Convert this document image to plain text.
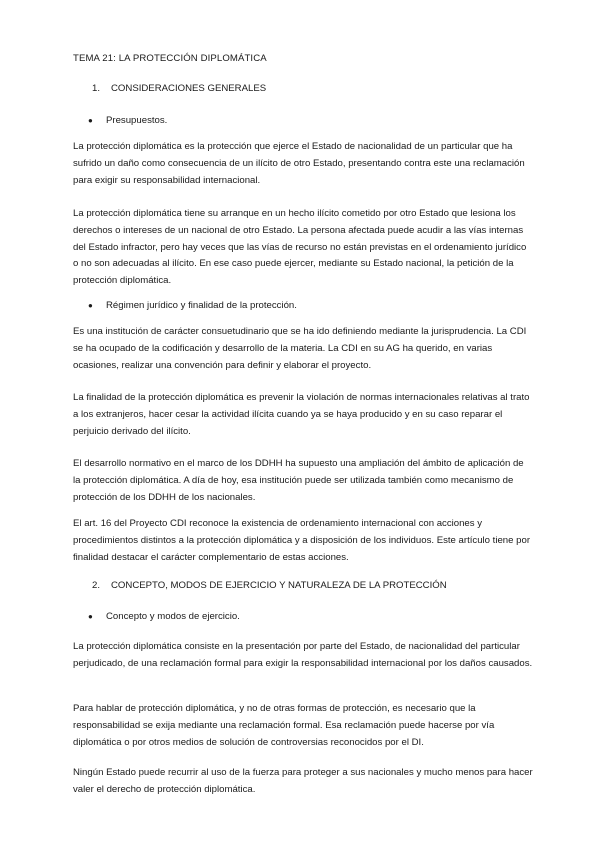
TEMA 21: LA PROTECCIÓN DIPLOMÁTICA
1. CONSIDERACIONES GENERALES
● Presupuestos.
La protección diplomática es la protección que ejerce el Estado de nacionalidad de un particular que ha sufrido un daño como consecuencia de un ilícito de otro Estado, presentando contra este una reclamación para exigir su responsabilidad internacional.
La protección diplomática tiene su arranque en un hecho ilícito cometido por otro Estado que lesiona los derechos o intereses de un nacional de otro Estado. La persona afectada puede acudir a las vías internas del Estado infractor, pero hay veces que las vías de recurso no están previstas en el ordenamiento jurídico o no son adecuadas al ilícito. En ese caso puede ejercer, mediante su Estado nacional, la petición de la protección diplomática.
● Régimen jurídico y finalidad de la protección.
Es una institución de carácter consuetudinario que se ha ido definiendo mediante la jurisprudencia. La CDI se ha ocupado de la codificación y desarrollo de la materia. La CDI en su AG ha querido, en varias ocasiones, realizar una convención para definir y elaborar el proyecto.
La finalidad de la protección diplomática es prevenir la violación de normas internacionales relativas al trato a los extranjeros, hacer cesar la actividad ilícita cuando ya se haya producido y en su caso reparar el perjuicio derivado del ilícito.
El desarrollo normativo en el marco de los DDHH ha supuesto una ampliación del ámbito de aplicación de la protección diplomática. A día de hoy, esa institución puede ser utilizada también como mecanismo de protección de los DDHH de los nacionales.
El art. 16 del Proyecto CDI reconoce la existencia de ordenamiento internacional con acciones y procedimientos distintos a la protección diplomática y a disposición de los individuos. Este artículo tiene por finalidad destacar el carácter complementario de estas acciones.
2. CONCEPTO, MODOS DE EJERCICIO Y NATURALEZA DE LA PROTECCIÓN
● Concepto y modos de ejercicio.
La protección diplomática consiste en la presentación por parte del Estado, de nacionalidad del particular perjudicado, de una reclamación formal para exigir la responsabilidad internacional por los daños causados.
Para hablar de protección diplomática, y no de otras formas de protección, es necesario que la responsabilidad se exija mediante una reclamación formal. Esa reclamación puede hacerse por vía diplomática o por otros medios de solución de controversias reconocidos por el DI.
Ningún Estado puede recurrir al uso de la fuerza para proteger a sus nacionales y mucho menos para hacer valer el derecho de protección diplomática.
